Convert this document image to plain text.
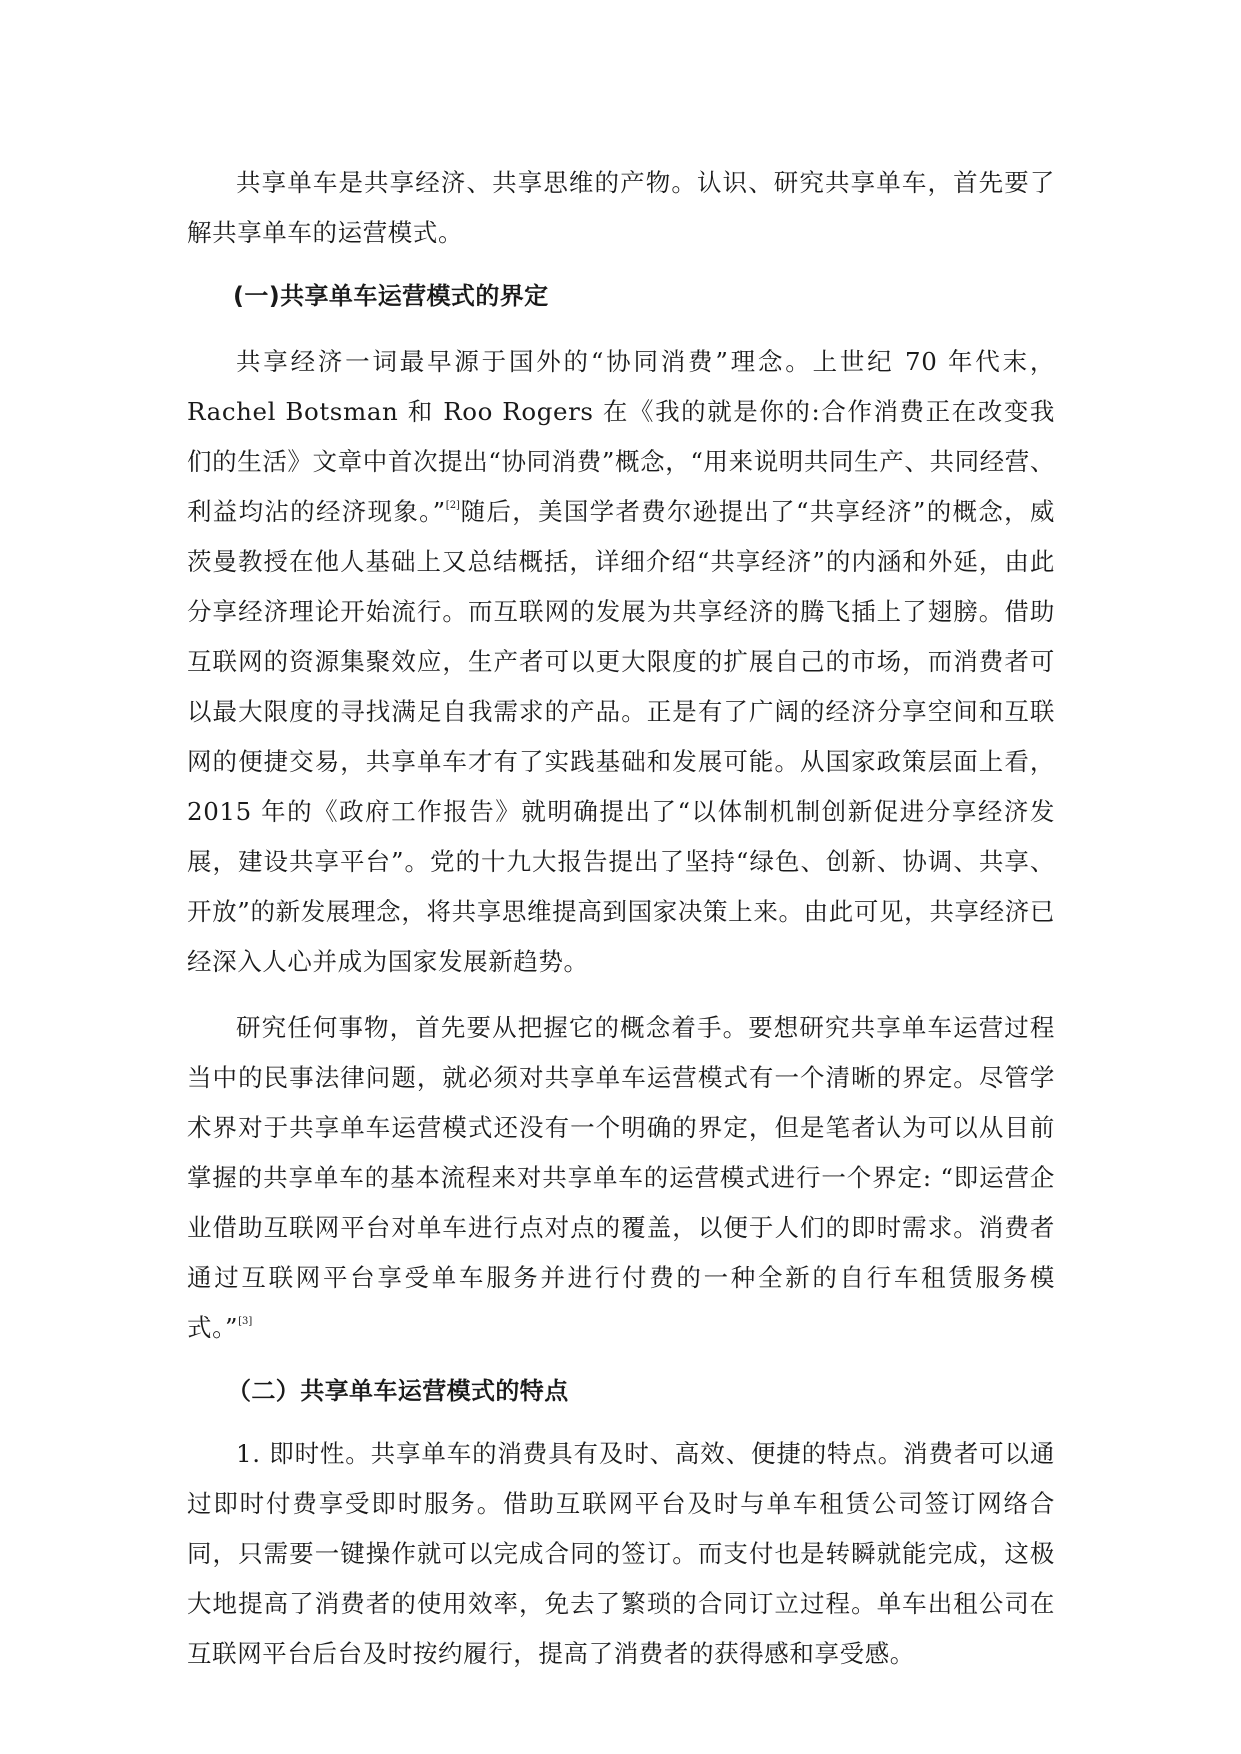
共享单车是共享经济、共享思维的产物。认识、研究共享单车，首先要了解共享单车的运营模式。

(一)共享单车运营模式的界定

共享经济一词最早源于国外的“协同消费”理念。上世纪 70 年代末，Rachel Botsman 和 Roo Rogers 在《我的就是你的:合作消费正在改变我们的生活》文章中首次提出“协同消费”概念，“用来说明共同生产、共同经营、利益均沾的经济现象。”[2]随后，美国学者费尔逊提出了“共享经济”的概念，威茨曼教授在他人基础上又总结概括，详细介绍“共享经济”的内涵和外延，由此分享经济理论开始流行。而互联网的发展为共享经济的腾飞插上了翅膀。借助互联网的资源集聚效应，生产者可以更大限度的扩展自己的市场，而消费者可以最大限度的寻找满足自我需求的产品。正是有了广阔的经济分享空间和互联网的便捷交易，共享单车才有了实践基础和发展可能。从国家政策层面上看，2015 年的《政府工作报告》就明确提出了“以体制机制创新促进分享经济发展，建设共享平台”。党的十九大报告提出了坚持“绿色、创新、协调、共享、开放”的新发展理念，将共享思维提高到国家决策上来。由此可见，共享经济已经深入人心并成为国家发展新趋势。

研究任何事物，首先要从把握它的概念着手。要想研究共享单车运营过程当中的民事法律问题，就必须对共享单车运营模式有一个清晰的界定。尽管学术界对于共享单车运营模式还没有一个明确的界定，但是笔者认为可以从目前掌握的共享单车的基本流程来对共享单车的运营模式进行一个界定: “即运营企业借助互联网平台对单车进行点对点的覆盖，以便于人们的即时需求。消费者通过互联网平台享受单车服务并进行付费的一种全新的自行车租赁服务模式。”[3]

（二）共享单车运营模式的特点

1. 即时性。共享单车的消费具有及时、高效、便捷的特点。消费者可以通过即时付费享受即时服务。借助互联网平台及时与单车租赁公司签订网络合同，只需要一键操作就可以完成合同的签订。而支付也是转瞬就能完成，这极大地提高了消费者的使用效率，免去了繁琐的合同订立过程。单车出租公司在互联网平台后台及时按约履行，提高了消费者的获得感和享受感。
